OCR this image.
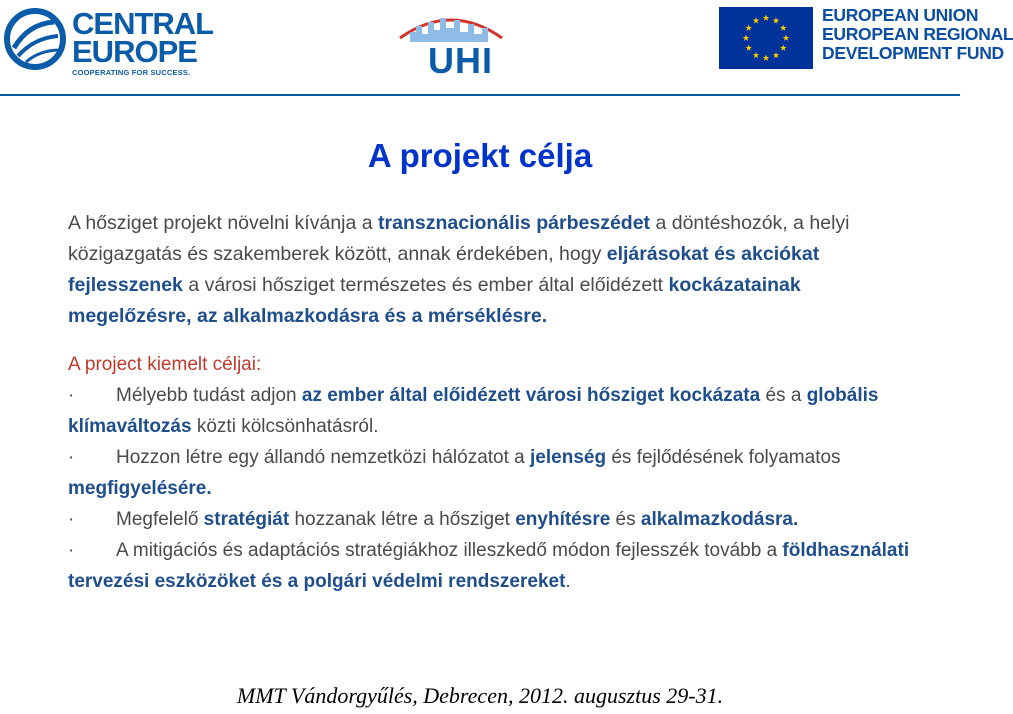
CENTRAL
EUROPE
COOPERATING FOR SUCCESS.	UHI
EUROPEAN UNION
EUROPEAN REGIONAL
DEVELOPMENT FUND
A projekt célja
A hősziget projekt növelni kívánja a transznacionális párbeszédet a döntéshozók, a helyi közigazgatás és szakemberek között, annak érdekében, hogy eljárásokat és akciókat fejlesszenek a városi hősziget természetes és ember által előidézett kockázatainak megelőzésre, az alkalmazkodásra és a mérséklésre.
A project kiemelt céljai:
· Mélyebb tudást adjon az ember által előidézett városi hősziget kockázata és a globális klímaváltozás közti kölcsönhatásról.
· Hozzon létre egy állandó nemzetközi hálózatot a jelenség és fejlődésének folyamatos megfigyelésére.
· Megfelelő stratégiát hozzanak létre a hősziget enyhítésre és alkalmazkodásra.
· A mitigációs és adaptációs stratégiákhoz illeszkedő módon fejlesszék tovább a földhasználati tervezési eszközöket és a polgári védelmi rendszereket.
MMT Vándorgyűlés, Debrecen, 2012. augusztus 29-31.
